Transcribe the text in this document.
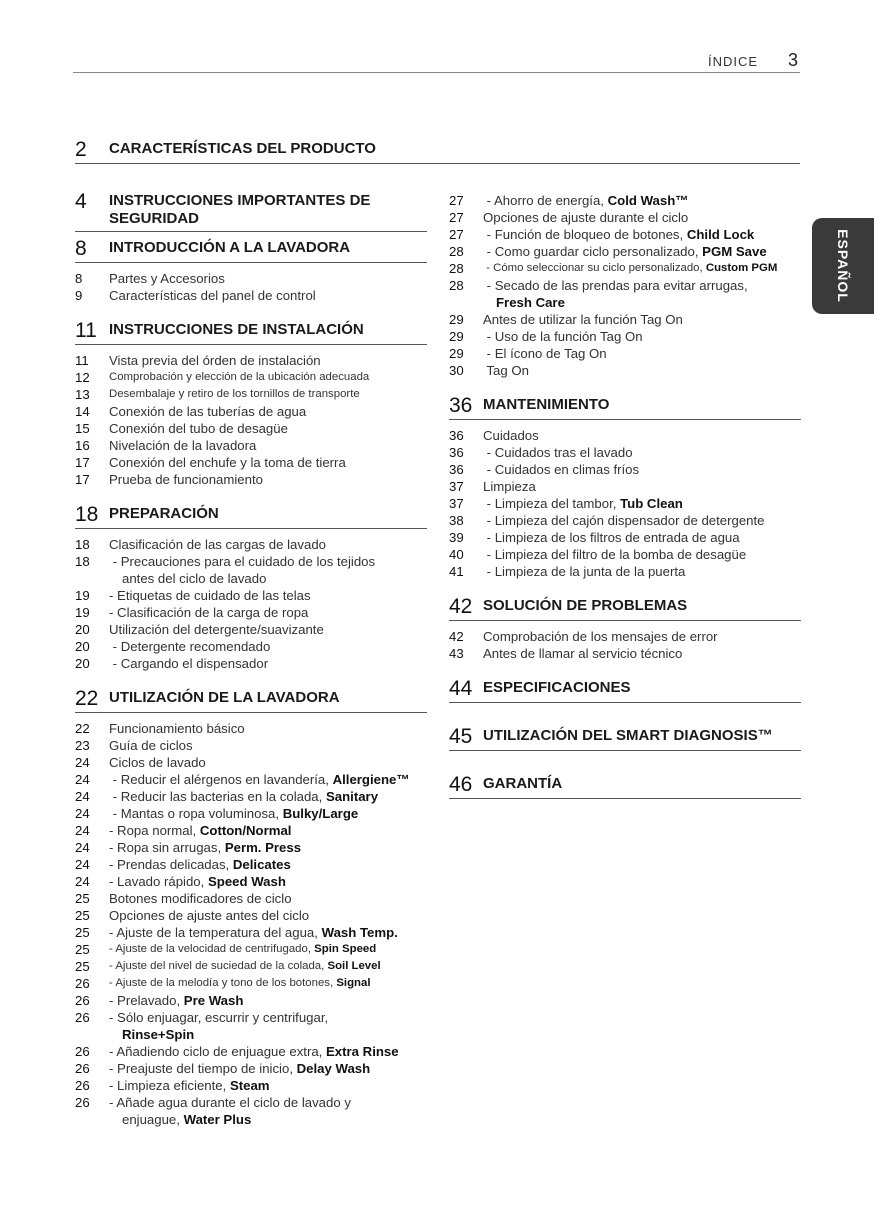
ÍNDICE 3
ESPAÑOL
2	CARACTERÍSTICAS DEL PRODUCTO
4	INSTRUCCIONES IMPORTANTES DE SEGURIDAD
8	INTRODUCCIÓN A LA LAVADORA
8	Partes y Accesorios
9	Características del panel de control
11 INSTRUCCIONES DE INSTALACIÓN
11	Vista previa del órden de instalación
12	Comprobación y elección de la ubicación adecuada
13	Desembalaje y retiro de los tornillos de transporte
14	Conexión de las tuberías de agua
15	Conexión del tubo de desagüe
16	Nivelación de la lavadora
17	Conexión del enchufe y la toma de tierra
17	Prueba de funcionamiento
18 PREPARACIÓN
18	Clasificación de las cargas de lavado
18	- Precauciones para el cuidado de los tejidos
antes del ciclo de lavado
19	- Etiquetas de cuidado de las telas
19	- Clasificación de la carga de ropa
20	Utilización del detergente/suavizante
20	- Detergente recomendado
20	- Cargando el dispensador
22 UTILIZACIÓN DE LA LAVADORA
22	Funcionamiento básico
23	Guía de ciclos
24	Ciclos de lavado
24	- Reducir el alérgenos en lavandería, Allergiene™
24	- Reducir las bacterias en la colada, Sanitary
24	- Mantas o ropa voluminosa, Bulky/Large
24	- Ropa normal, Cotton/Normal
24	- Ropa sin arrugas, Perm. Press
24	- Prendas delicadas, Delicates
24	- Lavado rápido, Speed Wash
25	Botones modificadores de ciclo
25	Opciones de ajuste antes del ciclo
25	- Ajuste de la temperatura del agua, Wash Temp.
25	- Ajuste de la velocidad de centrifugado, Spin Speed
25	- Ajuste del nivel de suciedad de la colada, Soil Level
26	- Ajuste de la melodía y tono de los botones, Signal
26	- Prelavado, Pre Wash
26	- Sólo enjuagar, escurrir y centrifugar,
Rinse+Spin
26	- Añadiendo ciclo de enjuague extra, Extra Rinse
26	- Preajuste del tiempo de inicio, Delay Wash
26	- Limpieza eficiente, Steam
26	- Añade agua durante el ciclo de lavado y
enjuague, Water Plus
27	- Ahorro de energía, Cold Wash™
27	Opciones de ajuste durante el ciclo
27	- Función de bloqueo de botones, Child Lock
28	- Como guardar ciclo personalizado, PGM Save
28	- Cómo seleccionar su ciclo personalizado, Custom PGM
28	- Secado de las prendas para evitar arrugas,
Fresh Care
29	Antes de utilizar la función Tag On
29	- Uso de la función Tag On
29	- El ícono de Tag On
30	Tag On
36 MANTENIMIENTO
36	Cuidados
36	- Cuidados tras el lavado
36	- Cuidados en climas fríos
37	Limpieza
37	- Limpieza del tambor, Tub Clean
38	- Limpieza del cajón dispensador de detergente
39	- Limpieza de los filtros de entrada de agua
40	- Limpieza del filtro de la bomba de desagüe
41	- Limpieza de la junta de la puerta
42 SOLUCIÓN DE PROBLEMAS
42	Comprobación de los mensajes de error
43	Antes de llamar al servicio técnico
44 ESPECIFICACIONES
45 UTILIZACIÓN DEL SMART DIAGNOSIS™
46 GARANTÍA
